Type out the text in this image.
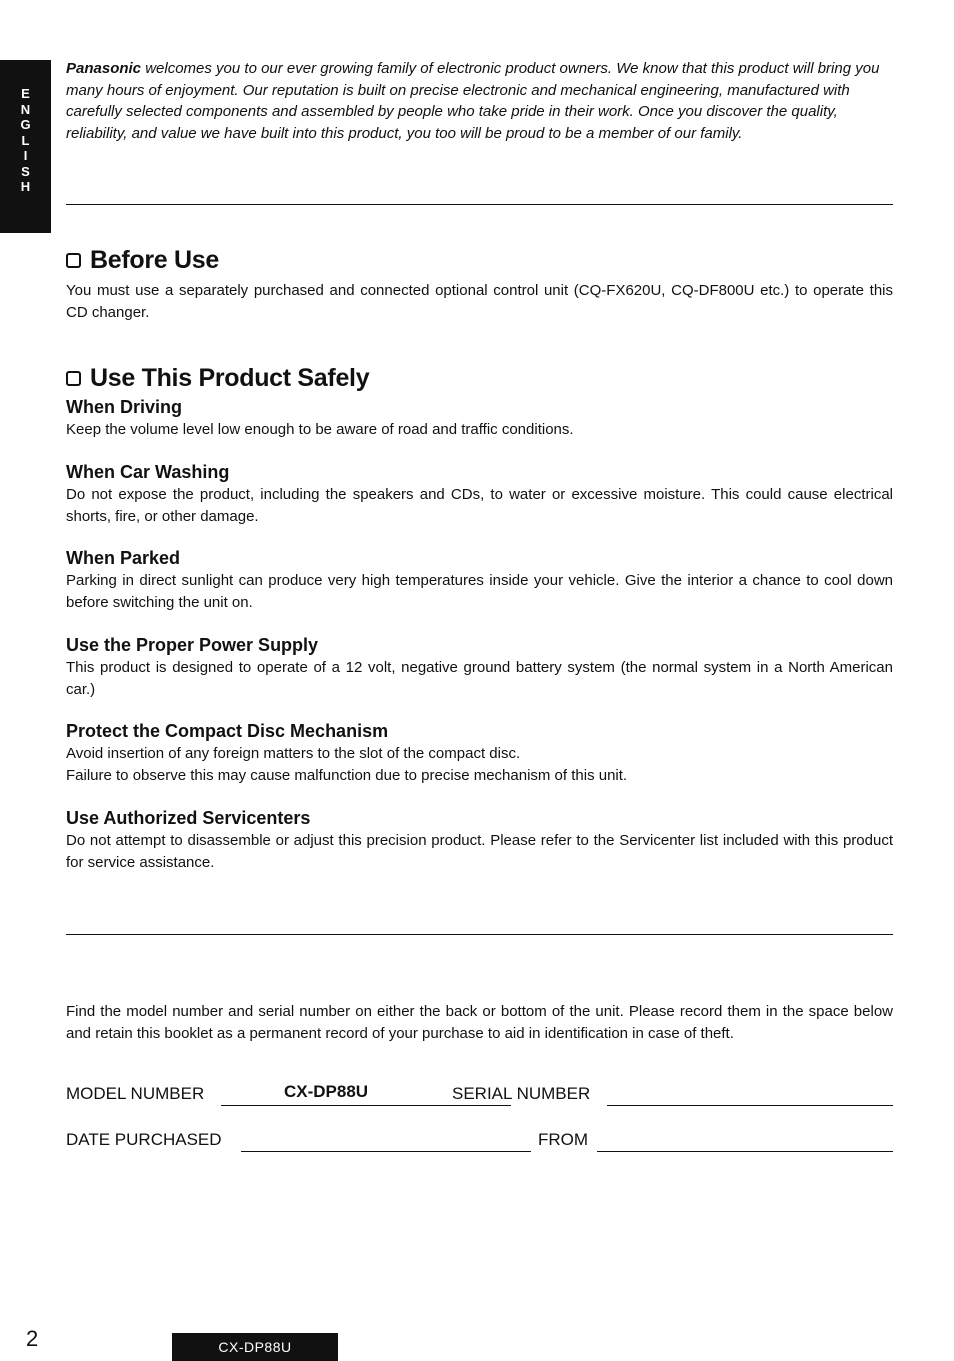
E
N
G
L
I
S
H
Panasonic welcomes you to our ever growing family of electronic product owners. We know that this product will bring you many hours of enjoyment. Our reputation is built on precise electronic and mechanical engineering, manufactured with carefully selected components and assembled by people who take pride in their work. Once you discover the quality, reliability, and value we have built into this product, you too will be proud to be a member of our family.
Before Use
You must use a separately purchased and connected optional control unit (CQ-FX620U, CQ-DF800U etc.) to operate this CD changer.
Use This Product Safely
When Driving
Keep the volume level low enough to be aware of road and traffic conditions.
When Car Washing
Do not expose the product, including the speakers and CDs, to water or excessive moisture. This could cause electrical shorts, fire, or other damage.
When Parked
Parking in direct sunlight can produce very high temperatures inside your vehicle. Give the interior a chance to cool down before switching the unit on.
Use the Proper Power Supply
This product is designed to operate of a 12 volt, negative ground battery system (the normal system in a North American car.)
Protect the Compact Disc Mechanism
Avoid insertion of any foreign matters to the slot of the compact disc.
Failure to observe this may cause malfunction due to precise mechanism of this unit.
Use Authorized Servicenters
Do not attempt to disassemble or adjust this precision product. Please refer to the Servicenter list included with this product for service assistance.
Find the model number and serial number on either the back or bottom of the unit. Please record them in the space below and retain this booklet as a permanent record of your purchase to aid in identification in case of theft.
MODEL NUMBER	CX-DP88U	SERIAL NUMBER
DATE PURCHASED	FROM
2	CX-DP88U
